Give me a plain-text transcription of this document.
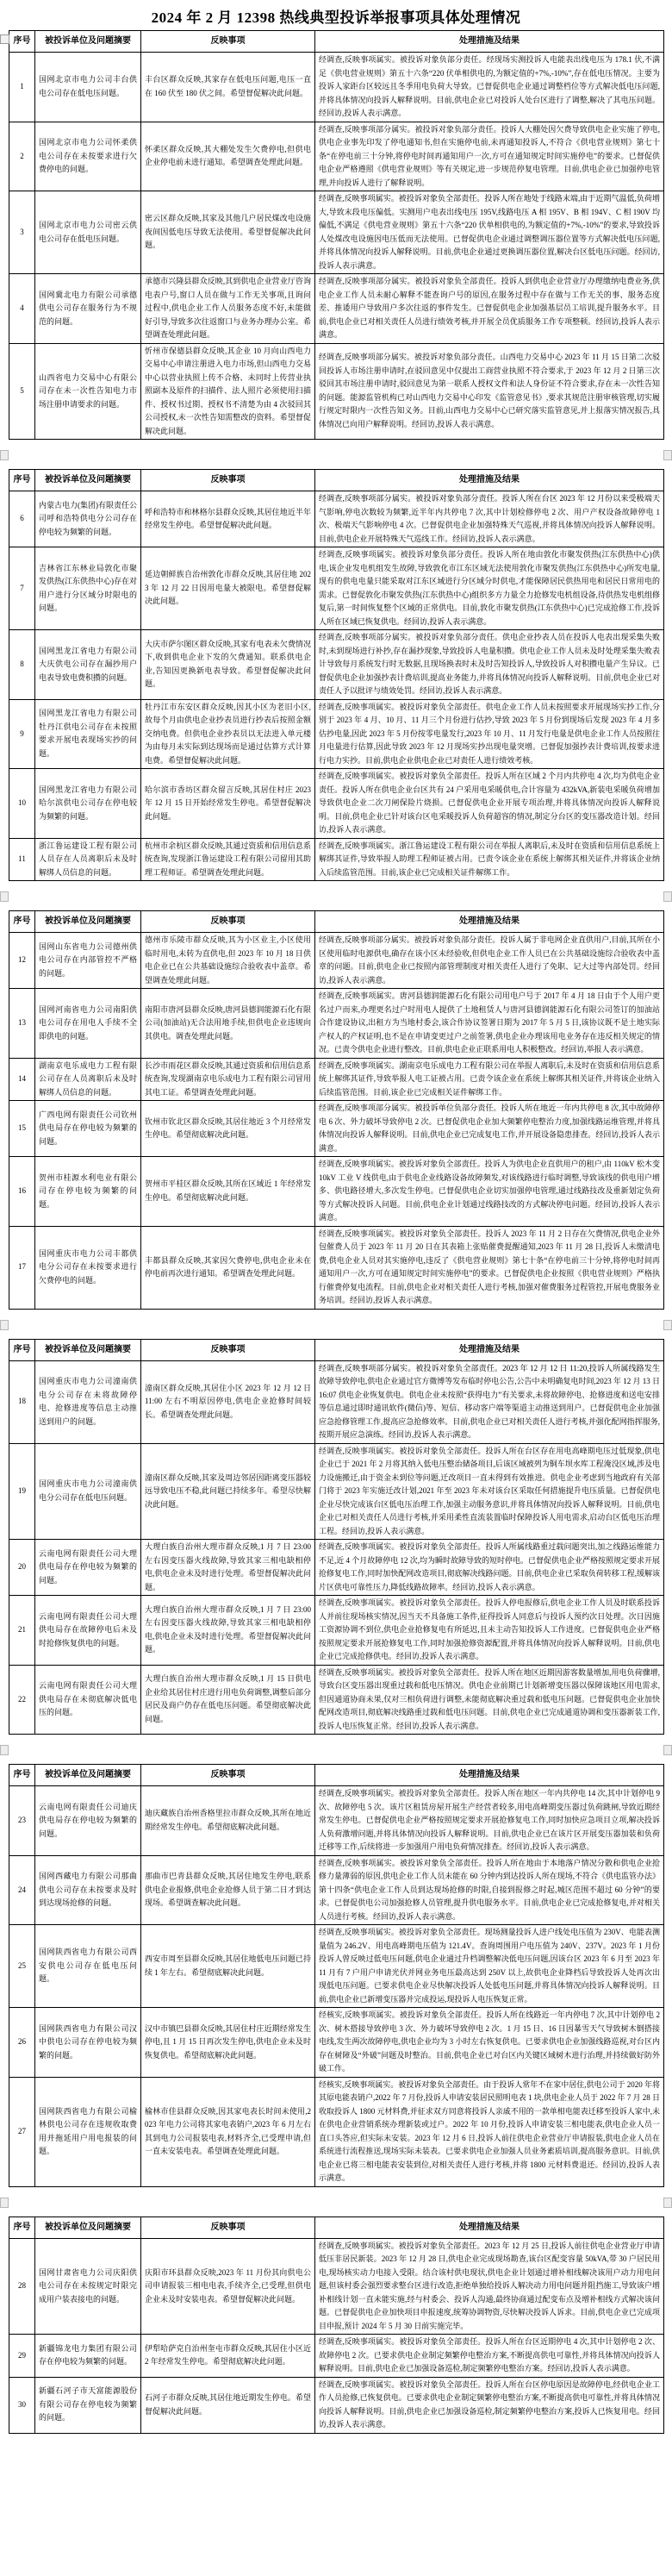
2024 年 2 月 12398 热线典型投诉举报事项具体处理情况
序号	被投诉单位及问题摘要	反映事项	处理措施及结果
1	国网北京市电力公司丰台供电公司存在低电压问题。	丰台区群众反映,其家存在低电压问题,电压一直在 160 伏至 180 伏之间。希望督促解决此问题。	经调查,反映事项属实。被投诉对象负部分责任。经现场实测投诉人电能表出线电压为 178.1 伏,不满足《供电营业规则》第五十六条“220 伏单相供电的,为额定值的+7%,-10%”,存在低电压情况。主要为投诉人家距台区较远且冬季用电负荷大导致。已督促供电企业通过调整档位等方式解决低电压问题,并将具体情况向投诉人解释说明。目前,供电企业已对投诉人处台区进行了调整,解决了其电压问题。经回访,投诉人表示满意。
2	国网北京市电力公司怀柔供电公司存在未按要求进行欠费停电的问题。	怀柔区群众反映,其大棚处发生欠费停电,但供电企业停电前未进行通知。希望调查处理此问题。	经调查,反映事项部分属实。被投诉对象负部分责任。投诉人大棚处因欠费导致供电企业实施了停电,供电企业事先印发了停电通知书,但在实施停电前,未再通知投诉人,不符合《供电营业规则》第七十条“在停电前三十分钟,将停电时间再通知用户一次,方可在通知规定时间实施停电”的要求。已督促供电企业严格遵照《供电营业规则》等有关规定,进一步规范停复电管理。目前,供电企业已加强停电管理,并向投诉人进行了解释说明。
3	国网北京市电力公司密云供电公司存在低电压问题。	密云区群众反映,其家及其他几户居民煤改电设施夜间因低电压导致无法使用。希望督促解决此问题。	经调查,反映事项属实。被投诉对象负全部责任。投诉人所在地处于线路末端,由于近期气温低,负荷增大,导致末段电压偏低。实测用户电表出线电压 195V,线路电压 A 相 195V、B 相 194V、C 相 190V 均偏低,不满足《供电营业规则》第五十六条“220 伏单相供电的,为额定值的+7%,-10%”的要求,导致投诉人处煤改电设施因电压低而无法使用。已督促供电企业通过调整调压器位置等方式解决低电压问题,并将具体情况向投诉人解释说明。目前,供电企业通过更换调压器位置,解决台区低电压问题。经回访,投诉人表示满意。
4	国网冀北电力有限公司承德供电公司存在服务行为不规范的问题。	承德市兴隆县群众反映,其到供电企业营业厅咨询电表户号,窗口人员在做与工作无关事项,且询问过程中,供电企业工作人员服务态度不好,未能做好引导,导致多次往返窗口与业务办理办公室。希望调查处理此问题。	经调查,反映事项部分属实。被投诉对象负全部责任。投诉人到供电企业营业厅办理缴纳电费业务,供电企业工作人员未耐心解释不能查询户号的原因,在服务过程中存在做与工作无关的事、服务态度差、推诿用户导致用户多次往返的事件发生。已督促供电企业加强基层员工培训,提升服务水平。目前,供电企业已对相关责任人员进行绩效考核,并开展全员优质服务工作专项整顿。经回访,投诉人表示满意。
5	山西省电力交易中心有限公司存在未一次性告知电力市场注册申请要求的问题。	忻州市保德县群众反映,其企业 10 月向山西电力交易中心申请注册进入电力市场,但山西电力交易中心以营业执照上传不合格、未同时上传营业执照副本及原件的扫描件、法人照片必须使用扫描件、授权书过期、授权书不清楚为由 4 次驳回其公司授权,未一次性告知需整改的资料。希望督促解决此问题。	经调查,反映事项部分属实。被投诉对象负部分责任。山西电力交易中心 2023 年 11 月 15 日第二次驳回投诉人市场注册申请时,在驳回意见中仅提出工商营业执照不符合要求,于 2023 年 12 月 2 日第三次驳回其市场注册申请时,驳回意见为第一联系人授权文件和法人身份证不符合要求,存在未一次性告知的问题。能源监管机构已对山西电力交易中心印发《监管意见书》,要求其规范注册审核管理,切实履行规定时限内一次性告知义务。目前,山西电力交易中心已研究落实监管意见,并上报落实情况报告,具体情况已向用户解释说明。经回访,投诉人表示满意。
序号	被投诉单位及问题摘要	反映事项	处理措施及结果
6	内蒙古电力(集团)有限责任公司呼和浩特供电分公司存在停电较为频繁的问题。	呼和浩特市和林格尔县群众反映,其居住地近半年经常发生停电。希望督促解决此问题。	经调查,反映事项部分属实。被投诉对象负部分责任。投诉人所在台区 2023 年 12 月份以来受极端天气影响,停电次数较为频繁,近半年内共停电 7 次,其中计划检修停电 2 次、用户产权设备故障停电 1 次、极端天气影响停电 4 次。已督促供电企业加强特殊天气巡视,并将具体情况向投诉人解释说明。目前,供电企业开展特殊天气巡线工作。经回访,投诉人表示满意。
7	吉林省江东林业局敦化市聚发供热(江东供热中心)存在对用户进行分区域分时限电的问题。	延边朝鲜族自治州敦化市群众反映,其居住地 2023 年 12 月 22 日因用电量大被限电。希望督促解决此问题。	经调查,反映事项属实。被投诉对象负部分责任。投诉人所在地由敦化市聚发供热(江东供热中心)供电,该企业发电机组发生故障,导致敦化市江东区域无法使用敦化市聚发供热(江东供热中心)所发电量,现有的供电电量只能采取对江东区域进行分区域分时供电,才能保障居民供热用电和居民日常用电的需求。已督促敦化市聚发供热(江东供热中心)组织多方力量全力抢修发电机组设备,待供热发电机组修复后,第一时间恢复整个区域的正常供电。目前,敦化市聚发供热(江东供热中心)已完成抢修工作,投诉人所在区域已恢复供电。经回访,投诉人表示满意。
8	国网黑龙江省电力有限公司大庆供电公司存在漏抄用户电表导致电费积攒的问题。	大庆市萨尔图区群众反映,其家有电表未欠费情况下,收到供电企业下发的欠费通知。联系供电企业,告知因更换新电表导致。希望督促解决此问题。	经调查,反映事项部分属实。被投诉对象负部分责任。供电企业抄表人员在投诉人电表出现采集失败时,未到现场进行补抄,存在漏抄现象,导致投诉人电量积攒。供电企业工作人员未及时处理采集失败表计导致每月系统发行时无数据,且现场换表时未及时告知投诉人,导致投诉人对积攒电量产生异议。已督促供电企业加强抄表计费培训,提高业务能力,并将具体情况向投诉人解释说明。目前,供电企业已对责任人予以批评与绩效处罚。经回访,投诉人表示满意。
9	国网黑龙江省电力有限公司牡丹江供电公司存在未按照要求开展电表现场实抄的问题。	牡丹江市东安区群众反映,因其小区为老旧小区,故每个月由供电企业抄表员进行抄表后按照金额交纳电费。但供电企业抄表员以无法进入单元楼为由每月未实际到达现场而是通过估算方式计算电费。希望督促解决此问题。	经调查,反映事项属实。被投诉对象负全部责任。供电企业工作人员未按照要求开展现场实抄工作,分别于 2023 年 4 月、10 月、11 月三个月份进行估抄,导致 2023 年 5 月份到现场后发现 2023 年 4 月多估抄电量,因此 2023 年 5 月份按零电量发行,2023 年 10 月、11 月发行电量是供电企业工作人员按照往月电量进行估算,因此导致 2023 年 12 月现场实抄出现电量突增。已督促加强抄表计费培训,按要求进行电力实抄。目前,供电企业供电企业已对责任人进行绩效考核。
10	国网黑龙江省电力有限公司哈尔滨供电公司存在停电较为频繁的问题。	哈尔滨市香坊区群众留言反映,其居住村庄 2023 年 12 月 15 日开始经常发生停电。希望督促解决此问题。	经调查,反映事项属实。被投诉对象负全部责任。投诉人所在区域 2 个月内共停电 4 次,均为供电企业责任。投诉人所在供电企业台区共有 24 户采用电采暖供电,合计容量为 432kVA,新装电采暖负荷增加导致供电企业二次刀闸保险片烧损。已督促供电企业开展专项治理,并将具体情况向投诉人解释说明。目前,供电企业已针对该台区电采暖投诉人负荷超容的情况,制定分台区的变压器改造计划。经回访,投诉人表示满意。
11	浙江鲁运建设工程有限公司人员存在人员离职后未及时解绑人员信息的问题。	杭州市余杭区群众反映,其通过资质和信用信息系统查询,发现浙江鲁运建设工程有限公司留用其助理工程师证。希望调查处理此问题。	经调查,反映事项属实。浙江鲁运建设工程有限公司在举报人离职后,未及时在资质和信用信息系统上解绑其证件,导致举报人助理工程师证被占用。已责令该企业在系统上解绑其相关证件,并将该企业纳入后续监管范围。目前,该企业已完成相关证件解绑工作。
序号	被投诉单位及问题摘要	反映事项	处理措施及结果
12	国网山东省电力公司德州供电公司存在内部管控不严格的问题。	德州市乐陵市群众反映,其为小区业主,小区使用临时用电,未转为直供电,但 2023 年 10 月 18 日供电企业已在公共基础设施综合验收表中盖章。希望调查处理此问题。	经调查,反映事项部分属实。被投诉对象负部分责任。投诉人属于非电网企业直供用户,目前,其所在小区使用临时电源供电,确存在该小区未经验收,但供电企业工作人员已在公共基础设施综合验收表中盖章的问题。目前,供电企业已按照内部管理制度对相关责任人进行了免职、记大过等内部处罚。经回访,投诉人表示满意。
13	国网河南省电力公司南阳供电公司存在用电人手续不全即供电的问题。	南阳市唐河县群众反映,唐河县德润能源石化有限公司(加油站)无合法用地手续,但供电企业违规向其供电。调查处理此问题。	经调查,反映事项属实。唐河县德润能源石化有限公司用电户号于 2017 年 4 月 18 日由于个人用户更名过户而来,办理更名过户时用电人提供了土地租赁人与唐河县德润能源石化有限公司签订的加油站合作建设协议,出租方为当地村委会,该合作协议签署日期为 2017 年 5 月 5 日,该协议既不是土地实际产权人的产权证明,也不是在申请变更过户之前签署,供电企业办理该用电业务存在违反相关规定的情况。已责令供电企业进行整改。目前,供电企业正联系用电人积极整改。经回访,举报人表示满意。
14	湖南京电乐成电力工程有限公司存在人员离职后未及时解绑人员信息的问题。	长沙市雨花区群众反映,其通过资质和信用信息系统查询,发现湖南京电乐成电力工程有限公司冒用其电工证。希望调查处理此问题。	经调查,反映事项属实。湖南京电乐成电力工程有限公司在举报人离职后,未及时在资质和信用信息系统上解绑其证件,导致举报人电工证被占用。已责令该企业在系统上解绑其相关证件,并将该企业纳入后续监管范围。目前,该企业已完成相关证件解绑工作。
15	广西电网有限责任公司钦州供电局存在停电较为频繁的问题。	钦州市钦北区群众反映,其居住地近 3 个月经常发生停电。希望彻底解决此问题。	经调查,反映事项部分属实。被投诉单位负部分责任。投诉人所在地近一年内共停电 8 次,其中故障停电 6 次、外力破坏导致停电 2 次。已督促供电企业加大频繁停电整治力度,加强线路运维管理,并将具体情况向投诉人解释说明。目前,供电企业已完成复电工作,并开展设备隐患排查。经回访,投诉人表示满意。
16	贺州市桂源水利电业有限公司存在停电较为频繁的问题。	贺州市平桂区群众反映,其所在区域近 1 年经常发生停电。希望彻底解决此问题。	经调查,反映事项属实。被投诉对象负全部责任。投诉人为供电企业直供用户的租户,由 110kV 松木变 10kV 工业 V 线供电,由于供电企业线路设备故障频发,对该线路进行临时调整,导致该线的供电用户增多、供电路径增大,多次发生停电。已督促供电企业切实加强停电管理,通过线路技改及重新划定负荷等方式解决投诉人问题。目前,供电企业计划通过线路技改的方式解决停电问题。经回访,投诉人表示满意。
17	国网重庆市电力公司丰都供电分公司存在未按要求进行欠费停电的问题。	丰都县群众反映,其家因欠费停电,供电企业未在停电前再次进行通知。希望调查处理此问题。	经调查,反映事项属实。被投诉对象负全部责任。投诉人 2023 年 11 月 2 日存在欠费情况,供电企业外包催费人员于 2023 年 11 月 20 日在其表箱上张贴催费提醒通知,2023 年 11 月 28 日,投诉人未缴清电费,供电企业人员对其实施停电,违反了《供电营业规则》第七十条“在停电前三十分钟,将停电时间再通知用户一次,方可在通知规定时间实施停电”的要求。已督促供电企业按照《供电营业规则》严格执行催费停复电流程。目前,供电企业对相关责任人进行考核,加强对催费服务过程管控,开展电费服务业务培训。经回访,投诉人表示满意。
序号	被投诉单位及问题摘要	反映事项	处理措施及结果
18	国网重庆市电力公司潼南供电分公司存在未将故障停电、抢修进度等信息主动推送到用户的问题。	潼南区群众反映,其居住小区 2023 年 12 月 12 日 11:00 左右不明原因停电,供电企业抢修时间较长。希望调查处理此问题。	经调查,反映事项部分属实。被投诉对象负全部责任。2023 年 12 月 12 日 11:20,投诉人所属线路发生故障导致停电,供电企业通过官方微博等发布临时停电公告,公告中未明确复电时间,2023 年 12 月 13 日 16:07 供电企业恢复供电。供电企业未按照“获得电力”有关要求,未将故障停电、抢修进度和送电安排等信息通过即时通讯软件(微信)等、短信、移动客户端等渠道主动推送到用户。已督促供电企业加强应急抢修管理工作,提高应急抢修效率。目前,供电企业已对相关责任人进行考核,并强化配网指挥服务,按期开展应急演练。经回访,投诉人表示满意。
19	国网重庆市电力公司潼南供电分公司存在低电压问题。	潼南区群众反映,其家及周边邻居因距离变压器较远导致电压不稳,此问题已持续多年。希望尽快解决此问题。	经调查,反映事项属实。被投诉对象负全部责任。投诉人所在台区存在用电高峰期电压过低现象,供电企业已于 2021 年 2 月将其纳入低电压整治储备项目,后该区域被列为铜车坝水库工程淹没区域,涉及电力设施搬迁,由于资金未到位等问题,迁改项目一直未得到有效推进。供电企业考虑到当地政府有关部门将于 2023 年实施迁改计划,2021 年至 2023 年未对该台区采取任何措施提升电压质量。已督促供电企业尽快完成该台区低电压治理工作,加强主动服务意识,并将具体情况向投诉人解释说明。目前,供电企业已对相关责任人员进行考核,并采用柔性直流装置临时保障投诉人用电需求,启动台区低电压治理工程。经回访,投诉人表示满意。
20	云南电网有限责任公司大理供电局存在停电较为频繁的问题。	大理白族自治州大理市群众反映,1 月 7 日 23:00 左右因变压器火线故障,导致其家三相电缺相停电,供电企业未及时进行处理。希望督促解决此问题。	经调查,反映事项属实。被投诉对象负全部责任。投诉人所属线路重过载问题突出,加之线路运维能力不足,近 4 个月故障停电 12 次,均为瞬时故障导致的短时停电。已督促供电企业严格按照规定要求开展抢修复电工作,同时加快配网改造项目,彻底解决线路问题。目前,供电企业已采取负荷转移工程,缓解该片区供电可靠性压力,降低线路故障率。经回访,投诉人表示满意。
21	云南电网有限责任公司大理供电局存在故障停电后未及时抢修恢复供电的问题。	大理白族自治州大理市群众反映,1 月 7 日 23:00 左右因变压器火线故障,导致其家三相电缺相停电,供电企业未及时进行处理。希望督促解决此问题。	经调查,反映事项属实。被投诉对象负全部责任。投诉人停电报修后,供电企业工作人员及时联系投诉人并前往现场核实情况,因当天不具备施工条件,征得投诉人同意后与投诉人预约次日处理。次日因施工资源协调不到位,供电企业抢修复电有所延迟,且未主动告知投诉人工作进度。已督促供电企业严格按照规定要求开展抢修复电工作,同时加强抢修资源配置,并将具体情况向投诉人解释说明。目前,供电企业已完成抢修供电。经回访,投诉人表示满意。
22	云南电网有限责任公司大理供电局存在未彻底解决低电压的问题。	大理白族自治州大理市群众反映,1 月 15 日供电企业给其居住村庄进行用电负荷调整,调整后部分居民及商户仍存在低电压问题。希望彻底解决此问题。	经调查,反映事项属实。被投诉对象负全部责任。投诉人所在地区近期因游客数量增加,用电负荷骤增,导致台区变压器出现重过载和低电压情况。供电企业前期已计划新增变压器以保障该地区用电需求,但因通道协商未果,仅对三相负荷进行调整,未能彻底解决重过载和低电压问题。已督促供电企业加快配网改造项目,彻底解决线路重过载和低电压问题。目前,供电企业已完成通道协调和变压器新装工作,投诉人电压恢复正常。经回访,投诉人表示满意。
序号	被投诉单位及问题摘要	反映事项	处理措施及结果
23	云南电网有限责任公司迪庆供电局存在停电较为频繁的问题。	迪庆藏族自治州香格里拉市群众反映,其所在地近期经常发生停电。希望彻底解决此问题。	经调查,反映事项属实。被投诉对象负全部责任。投诉人所在地区一年内共停电 14 次,其中计划停电 9 次、故障停电 5 次。该片区租赁房屋开展生产经营者较多,用电高峰期变压器过负荷跳闸,导致近期经常发生停电。已督促供电企业严格按照规定要求开展抢修复电工作,同时加快应急项目立项,解决投诉人负荷激增问题,并将具体情况向投诉人解释说明。目前,供电企业已在该片区开展变压器加装和负荷迁移等工作,后续将进一步加强用户用电负荷情况排查。经回访,投诉人表示满意。
24	国网西藏电力有限公司那曲供电公司存在未按要求及时到达现场抢修的问题。	那曲市巴青县群众反映,其居住地发生停电,联系供电企业报修,供电企业抢修人员于第二日才到达现场。希望调查解决此问题。	经调查,反映事项属实。被投诉对象负全部责任。投诉人所在地由于本地落户情况分散和供电企业抢修力量薄弱的原因,供电企业工作人员未能在 60 分钟内到达投诉人所在现场,不符合《供电监管办法》第十四条“供电企业工作人员到达现场抢修的时限,自接到报修之时起,城区范围不超过 60 分钟”的要求。已督促供电公司加强抢修人员管理,提升供电服务水平。目前,供电企业已完成抢修复电,并对相关人员进行考核。经回访,投诉人表示满意。
25	国网陕西省电力有限公司西安供电公司存在低电压问题。	西安市周至县群众反映,其居住地低电压问题已持续 1 年左右。希望彻底解决此问题。	经调查,反映事项属实。被投诉对象负全部责任。现场测量投诉人进户线处电压值为 230V、电能表测量值为 246.2V、用电高峰期电压值为 121.4V。查询周围用户电压值为 240V、237V。2023 年 1 月份投诉人曾反映过低电压问题,供电企业通过升档调整解决低电压问题,因该台区 2023 年 6 月至 2023 年 11 月有 7 户用户申请光伏并网业务电压最高达到 250V 以上,故供电企业降档后导致投诉人处再次出现低电压问题。已要求供电企业尽快解决投诉人处低电压问题,并将具体情况向投诉人解释说明。目前,供电企业已新增变压器并完成投运,现投诉人电压恢复正常。
26	国网陕西省电力有限公司汉中供电公司存在停电较为频繁的问题。	汉中市镇巴县群众反映,其居住村庄近期经常发生停电,且 1 月 15 日再次发生停电,供电企业未及时恢复供电。希望彻底解决此问题。	经核实,反映事项属实。被投诉对象负全部责任。投诉人所在线路近一年内停电 7 次,其中计划停电 2 次、树木搭接导致停电 3 次、外力破坏导致停电 2 次。1 月 15 日、16 日因暴雪天气导致树木倒搭接电线,发生两次故障停电,供电企业均为 3 小时左右恢复供电。已要求供电企业加强线路巡视,对台区内存在树障及“外破”问题及时整治。目前,供电企业已对台区内关键区域树木进行治理,并持续做好防外破工作。
27	国网陕西省电力有限公司榆林供电公司存在违规收取费用并拖延用户用电报装的问题。	榆林市佳县群众反映,因其家电表长时间未使用,2023 年电力公司将其家电表销户,2023 年 6 月左右其到电力公司报装电表,材料齐全,已受理申请,但一直未安装电表。希望调查处理此问题。	经核实,反映事项属实。被投诉对象负全部责任。由于投诉人常年不在家中居住,供电公司于 2020 年将其原电能表销户,2022 年 7 月份,投诉人申请安装居民照明电表 1 块,供电企业人员于 2022 年 7 月 28 日收取投诉人 1800 元材料费,并征求双方同意将投诉人亲戚不用的一款单相电能表迁移至投诉人家中,未在供电企业营销系统办理新装或过户。2022 年 10 月份,投诉人申请安装三相电能表,供电企业人员一直口头答应,但实际未安装。2023 年 12 月 6 日,投诉人前往供电企业营业厅申请报装,供电企业人员在系统进行流程推送,现场实际未装表。已要求供电企业加强人员业务素质培训,提高服务意识。目前,供电企业已将三相电能表安装到位,对相关责任人进行考核,并将 1800 元材料费退还。经回访,投诉人表示满意。
序号	被投诉单位及问题摘要	反映事项	处理措施及结果
28	国网甘肃省电力公司庆阳供电公司存在未按规定时限完成用户装表接电的问题。	庆阳市环县群众反映,2023 年 11 月份其向供电公司申请报装三相电电表,手续齐全,已受理,但供电企业未及时安装电表。希望督促解决此问题。	经调查,反映事项属实。被投诉对象负全部责任。2023 年 12 月 25 日,投诉人前往供电企业营业厅申请低压非居民新装。2023 年 12 月 28 日,供电企业完成现场勘查,该台区配变容量 50kVA,带 30 户居民用电,现场核实动力电接入受限。结合该村供电现状,供电企业计划通过增补相线解决该用户动力用电问题,但该村委会强烈要求整台区进行改造,拒绝单独给投诉人解决动力用电问题并阻挡施工,导致该户增补相线计划一直未能实施,经与村委会、投诉人沟通,最终协商通过配变布点及增补相线方式解决该问题。已督促供电企业加快项目申报速度,统筹协调物资,尽快解决投诉人诉求。目前,供电企业已完成项目申报,预计 2024 年 5 月 30 日前实施完毕。
29	新疆锦龙电力集团有限公司存在停电较为频繁的问题。	伊犁哈萨克自治州奎屯市群众反映,其居住小区近 2 年经常发生停电。希望彻底解决此问题。	经调查,反映事项属实。被投诉对象负全部责任。投诉人所在台区近期停电 4 次,其中计划停电 2 次、故障停电 2 次。已要求供电企业制定频繁停电整治方案,不断提高供电可靠性,并将具体情况向投诉人解释说明。目前,供电企业已加强设备巡检,制定频繁停电整治方案。经回访,投诉人表示满意。
30	新疆石河子市天富能源股份有限公司存在停电较为频繁的问题。	石河子市群众反映,其居住地近期发生停电。希望督促解决此问题。	经调查,反映事项属实。被投诉对象负全部责任。投诉人所在台区停电原因是故障停电,经供电企业工作人员抢修,已恢复供电。已要求供电企业制定频繁停电整治方案,不断提高供电可靠性,并将具体情况向投诉人解释说明。目前,供电企业已加强设备巡检,制定频繁停电整治方案,投诉人已恢复用电。经回访,投诉人表示满意。
